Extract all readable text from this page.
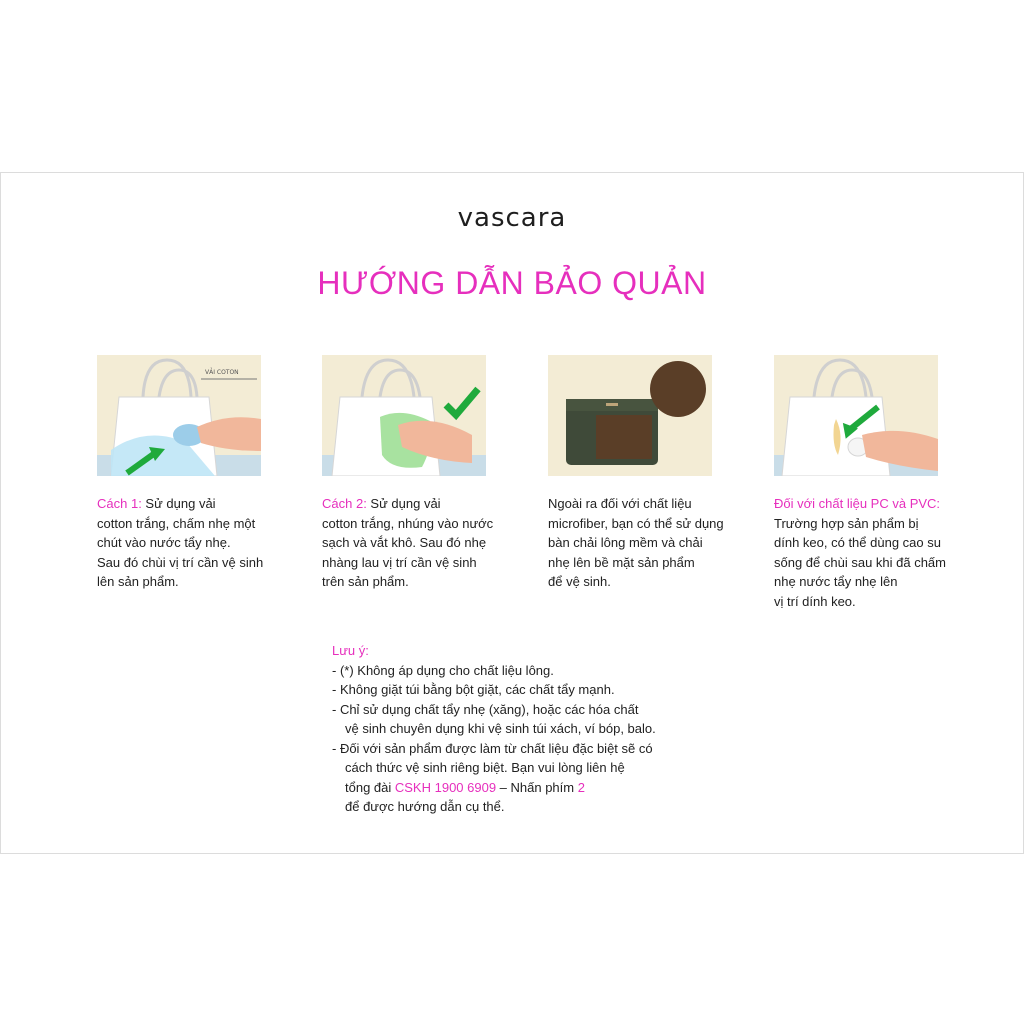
vascara
HƯỚNG DẪN BẢO QUẢN
VẢI COTON
Cách 1: Sử dụng vải
cotton trắng, chấm nhẹ một
chút vào nước tẩy nhẹ.
Sau đó chùi vị trí cần vệ sinh
lên sản phẩm.
Cách 2: Sử dụng vải
cotton trắng, nhúng vào nước
sạch và vắt khô. Sau đó nhẹ
nhàng lau vị trí cần vệ sinh
trên sản phẩm.
Ngoài ra đối với chất liệu
microfiber, bạn có thể sử dụng
bàn chải lông mềm và chải
nhẹ lên bề mặt sản phẩm
để vệ sinh.
Đối với chất liệu PC và PVC:
Trường hợp sản phẩm bị
dính keo, có thể dùng cao su
sống để chùi sau khi đã chấm
nhẹ nước tẩy nhẹ lên
vị trí dính keo.
Lưu ý:
- (*) Không áp dụng cho chất liệu lông.
- Không giặt túi bằng bột giặt, các chất tẩy mạnh.
- Chỉ sử dụng chất tẩy nhẹ (xăng), hoặc các hóa chất
vệ sinh chuyên dụng khi vệ sinh túi xách, ví bóp, balo.
- Đối với sản phẩm được làm từ chất liệu đặc biệt sẽ có
cách thức vệ sinh riêng biệt. Bạn vui lòng liên hệ
tổng đài CSKH 1900 6909 – Nhấn phím 2
để được hướng dẫn cụ thể.
